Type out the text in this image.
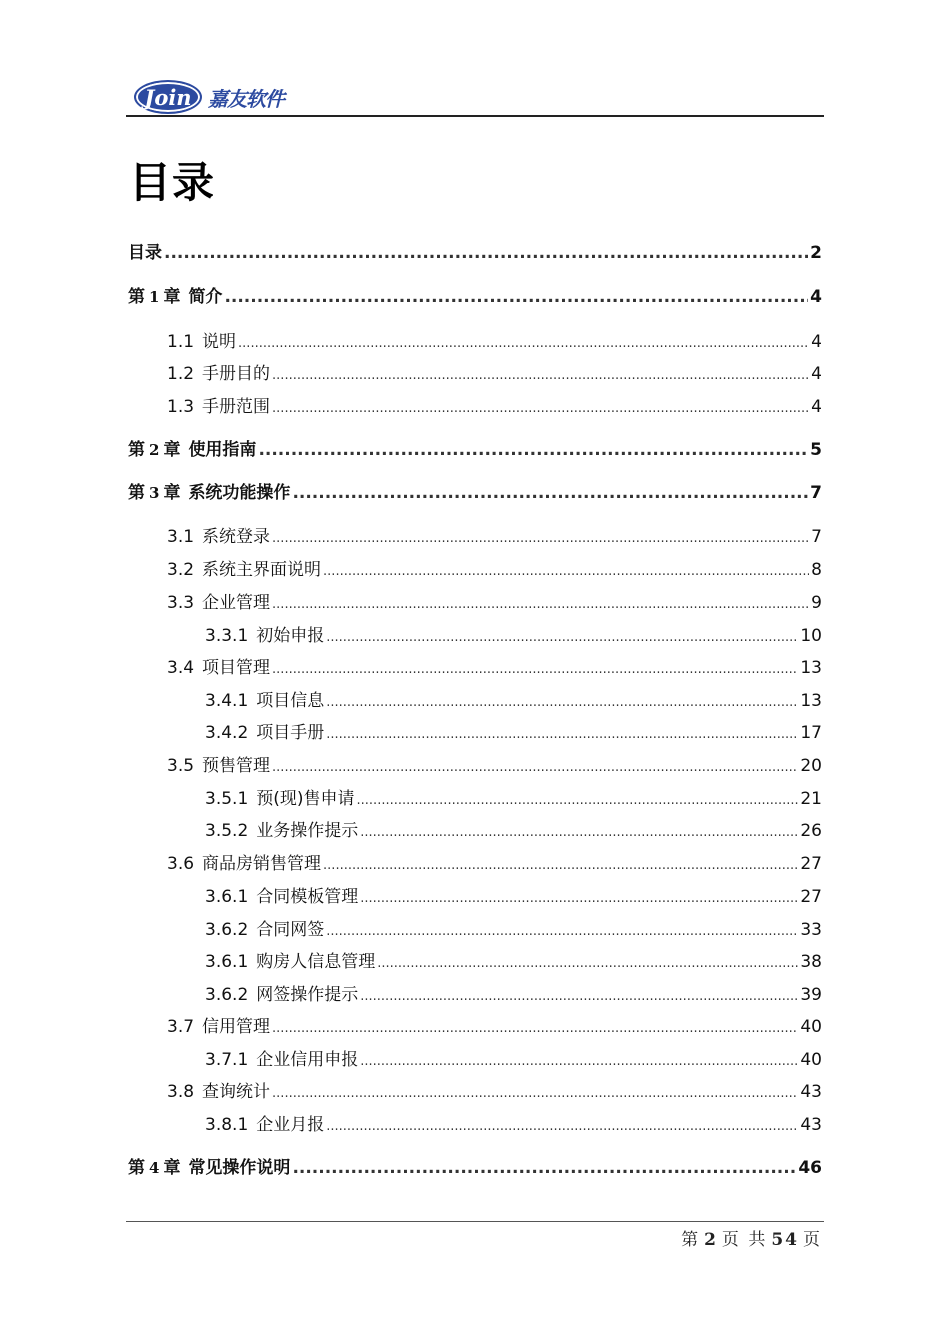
Join 嘉友软件
目录
目录 .....	2
第 1 章 简介 .....	4
1.1 说明 .....	4
1.2 手册目的 .....	4
1.3 手册范围 .....	4
第 2 章 使用指南 .....	5
第 3 章 系统功能操作 .....	7
3.1 系统登录 .....	7
3.2 系统主界面说明 .....	8
3.3 企业管理 .....	9
3.3.1 初始申报 .....	10
3.4 项目管理 .....	13
3.4.1 项目信息 .....	13
3.4.2 项目手册 .....	17
3.5 预售管理 .....	20
3.5.1 预(现)售申请 .....	21
3.5.2 业务操作提示 .....	26
3.6 商品房销售管理 .....	27
3.6.1 合同模板管理 .....	27
3.6.2 合同网签 .....	33
3.6.1 购房人信息管理 .....	38
3.6.2 网签操作提示 .....	39
3.7 信用管理 .....	40
3.7.1 企业信用申报 .....	40
3.8 查询统计 .....	43
3.8.1 企业月报 .....	43
第 4 章 常见操作说明 .....	46
第 2 页 共 54 页
